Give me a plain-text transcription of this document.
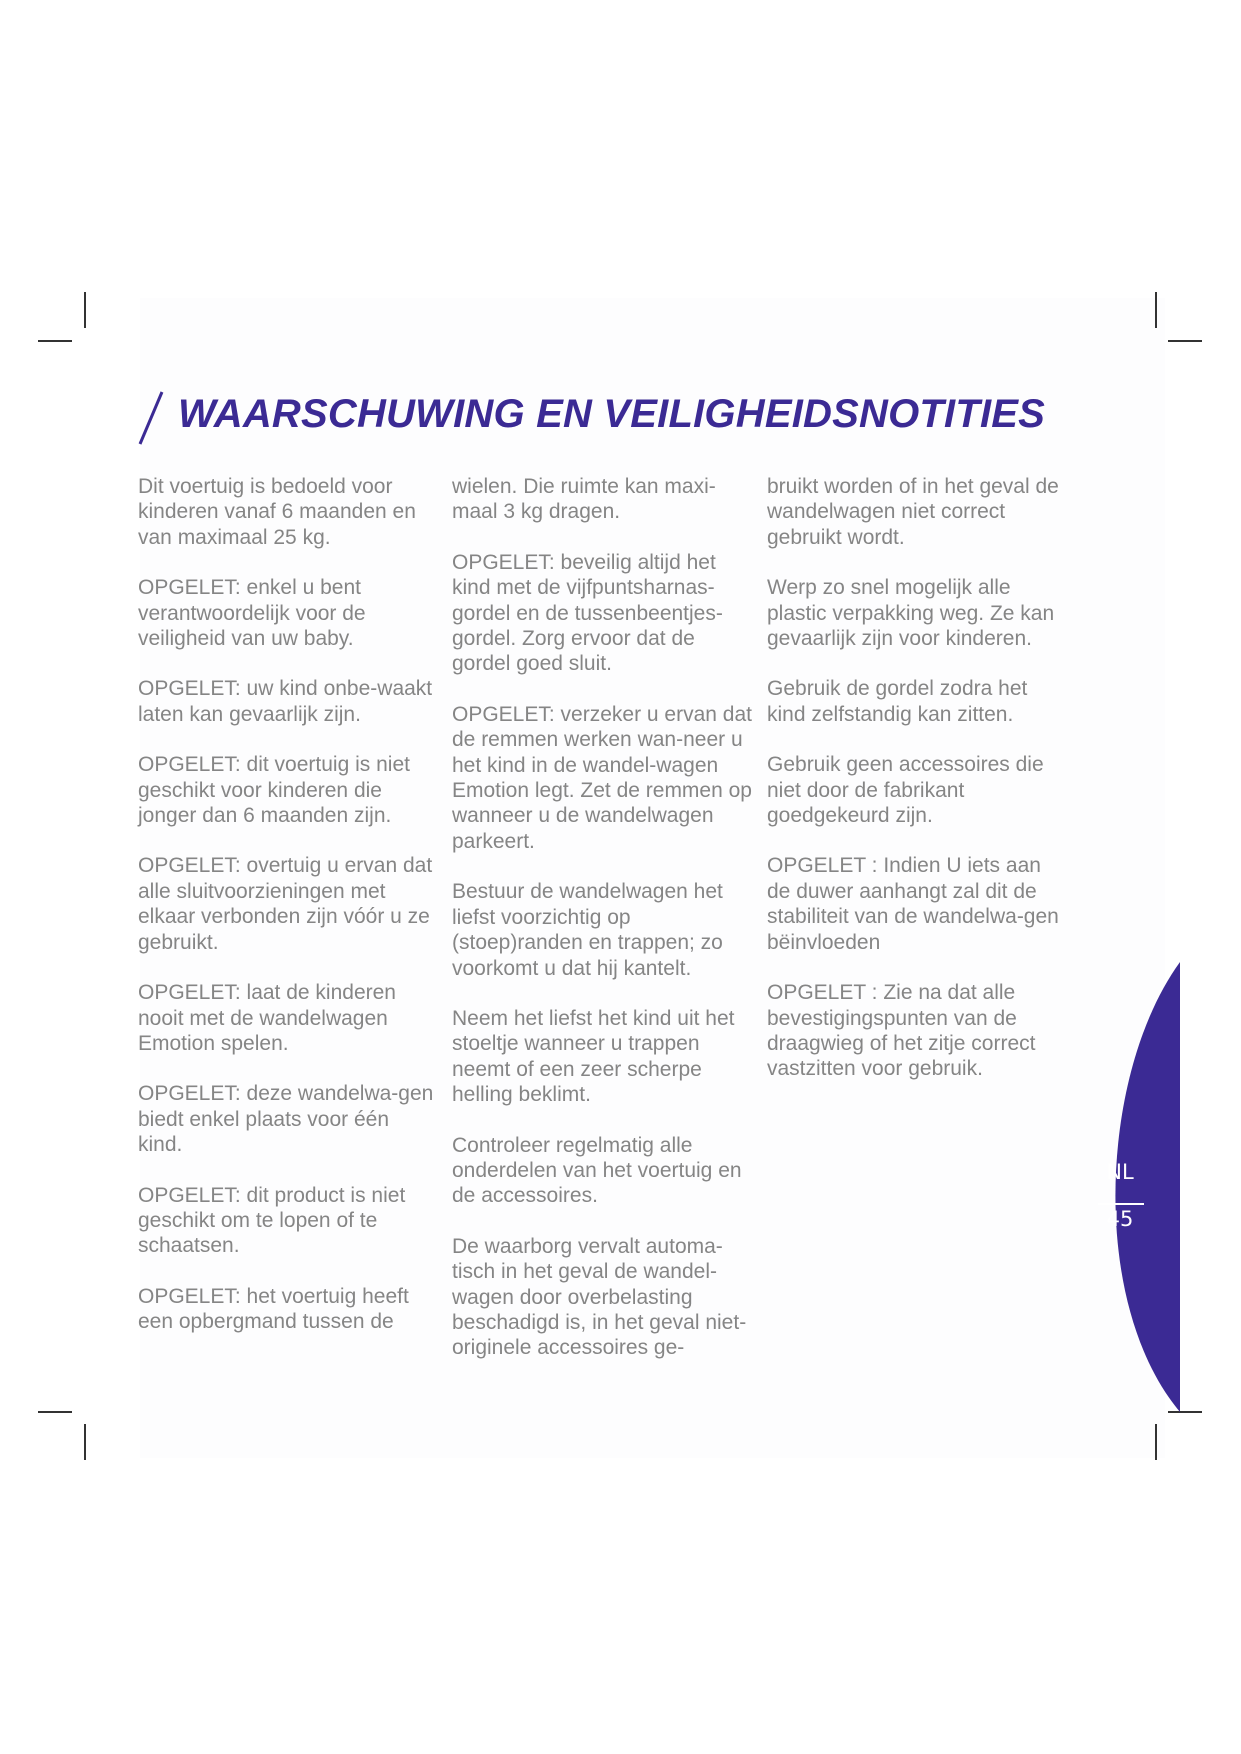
WAARSCHUWING EN VEILIGHEIDSNOTITIES

Dit voertuig is bedoeld voor kinderen vanaf 6 maanden en van maximaal 25 kg.

OPGELET: enkel u bent verantwoordelijk voor de veiligheid van uw baby.

OPGELET: uw kind onbe-waakt laten kan gevaarlijk zijn.

OPGELET: dit voertuig is niet geschikt voor kinderen die jonger dan 6 maanden zijn.

OPGELET: overtuig u ervan dat alle sluitvoorzieningen met elkaar verbonden zijn vóór u ze gebruikt.

OPGELET: laat de kinderen nooit met de wandelwagen Emotion spelen.

OPGELET: deze wandelwa-gen biedt enkel plaats voor één kind.

OPGELET: dit product is niet geschikt om te lopen of te schaatsen.

OPGELET: het voertuig heeft een opbergmand tussen de

wielen. Die ruimte kan maxi-maal 3 kg dragen.

OPGELET: beveilig altijd het kind met de vijfpuntsharnas-gordel en de tussenbeentjes-gordel. Zorg ervoor dat de gordel goed sluit.

OPGELET: verzeker u ervan dat de remmen werken wan-neer u het kind in de wandel-wagen Emotion legt. Zet de remmen op wanneer u de wandelwagen parkeert.

Bestuur de wandelwagen het liefst voorzichtig op (stoep)randen en trappen; zo voorkomt u dat hij kantelt.

Neem het liefst het kind uit het stoeltje wanneer u trappen neemt of een zeer scherpe helling beklimt.

Controleer regelmatig alle onderdelen van het voertuig en de accessoires.

De waarborg vervalt automa-tisch in het geval de wandel-wagen door overbelasting beschadigd is, in het geval niet-originele accessoires ge-

bruikt worden of in het geval de wandelwagen niet correct gebruikt wordt.

Werp zo snel mogelijk alle plastic verpakking weg. Ze kan gevaarlijk zijn voor kinderen.

Gebruik de gordel zodra het kind zelfstandig kan zitten.

Gebruik geen accessoires die niet door de fabrikant goedgekeurd zijn.

OPGELET : Indien U iets aan de duwer aanhangt zal dit de stabiliteit van de wandelwa-gen bëinvloeden

OPGELET : Zie na dat alle bevestigingspunten van de draagwieg of het zitje correct vastzitten voor gebruik.

NL
45
